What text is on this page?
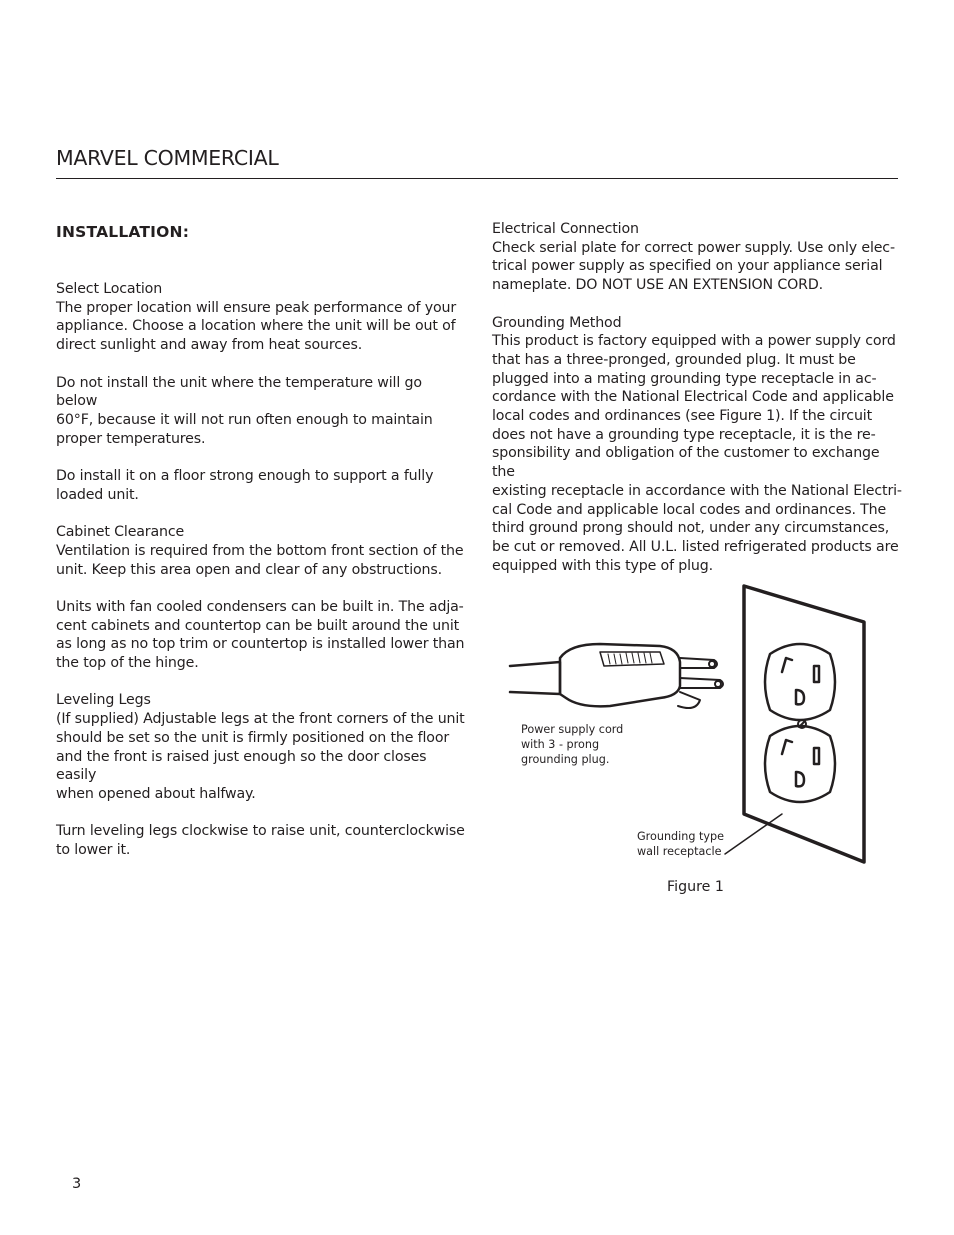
MARVEL COMMERCIAL
INSTALLATION:
Select Location

The proper location will ensure peak performance of your
appliance. Choose a location where the unit will be out of
direct sunlight and away from heat sources.

Do not install the unit where the temperature will go below
60°F, because it will not run often enough to maintain
proper temperatures.

Do install it on a floor strong enough to support a fully
loaded unit.

Cabinet Clearance

Ventilation is required from the bottom front section of the
unit. Keep this area open and clear of any obstructions.

Units with fan cooled condensers can be built in. The adja-
cent cabinets and countertop can be built around the unit
as long as no top trim or countertop is installed lower than
the top of the hinge.

Leveling Legs

(If supplied) Adjustable legs at the front corners of the unit
should be set so the unit is firmly positioned on the floor
and the front is raised just enough so the door closes easily
when opened about halfway.

Turn leveling legs clockwise to raise unit, counterclockwise
to lower it.

Electrical Connection

Check serial plate for correct power supply. Use only elec-
trical power supply as specified on your appliance serial
nameplate. DO NOT USE AN EXTENSION CORD.

Grounding Method

This product is factory equipped with a power supply cord
that has a three-pronged, grounded plug. It must be
plugged into a mating grounding type receptacle in ac-
cordance with the National Electrical Code and applicable
local codes and ordinances (see Figure 1). If the circuit
does not have a grounding type receptacle, it is the re-
sponsibility and obligation of the customer to exchange the
existing receptacle in accordance with the National Electri-
cal Code and applicable local codes and ordinances. The
third ground prong should not, under any circumstances,
be cut or removed. All U.L. listed refrigerated products are
equipped with this type of plug.

Power supply cord
with 3 - prong
grounding plug.
Grounding type
wall receptacle
Figure 1
3
